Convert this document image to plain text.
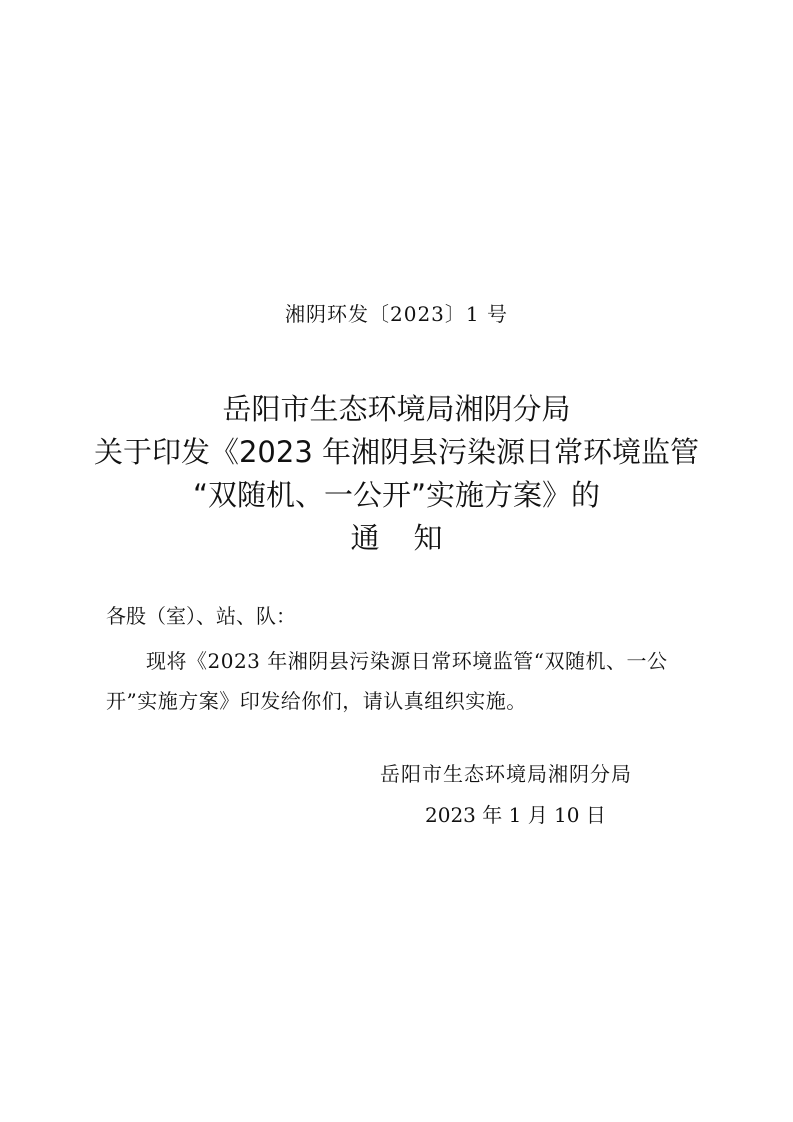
湘阴环发〔2023〕1 号
岳阳市生态环境局湘阴分局
关于印发《2023 年湘阴县污染源日常环境监管
“双随机、一公开”实施方案》的
通知
各股（室）、站、队：
现将《2023 年湘阴县污染源日常环境监管“双随机、一公开”实施方案》印发给你们，请认真组织实施。
岳阳市生态环境局湘阴分局
2023 年 1 月 10 日
